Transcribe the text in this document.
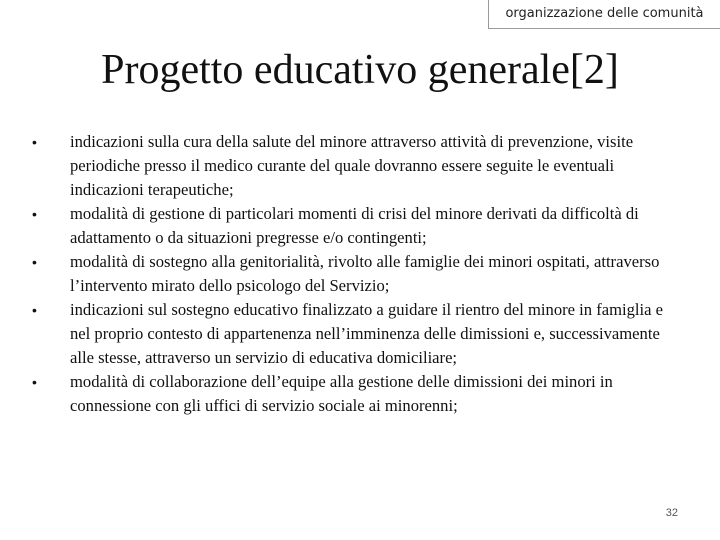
organizzazione delle comunità
Progetto educativo generale[2]
• indicazioni sulla cura della salute del minore attraverso attività di prevenzione, visite periodiche presso il medico curante del quale dovranno essere seguite le eventuali indicazioni terapeutiche;
• modalità di gestione di particolari momenti di crisi del minore derivati da difficoltà di adattamento o da situazioni pregresse e/o contingenti;
• modalità di sostegno alla genitorialità, rivolto alle famiglie dei minori ospitati, attraverso l’intervento mirato dello psicologo del Servizio;
• indicazioni sul sostegno educativo finalizzato a guidare il rientro del minore in famiglia e nel proprio contesto di appartenenza nell’imminenza delle dimissioni e, successivamente alle stesse, attraverso un servizio di educativa domiciliare;
• modalità di collaborazione dell’equipe alla gestione delle dimissioni dei minori in connessione con gli uffici di servizio sociale ai minorenni;
32
